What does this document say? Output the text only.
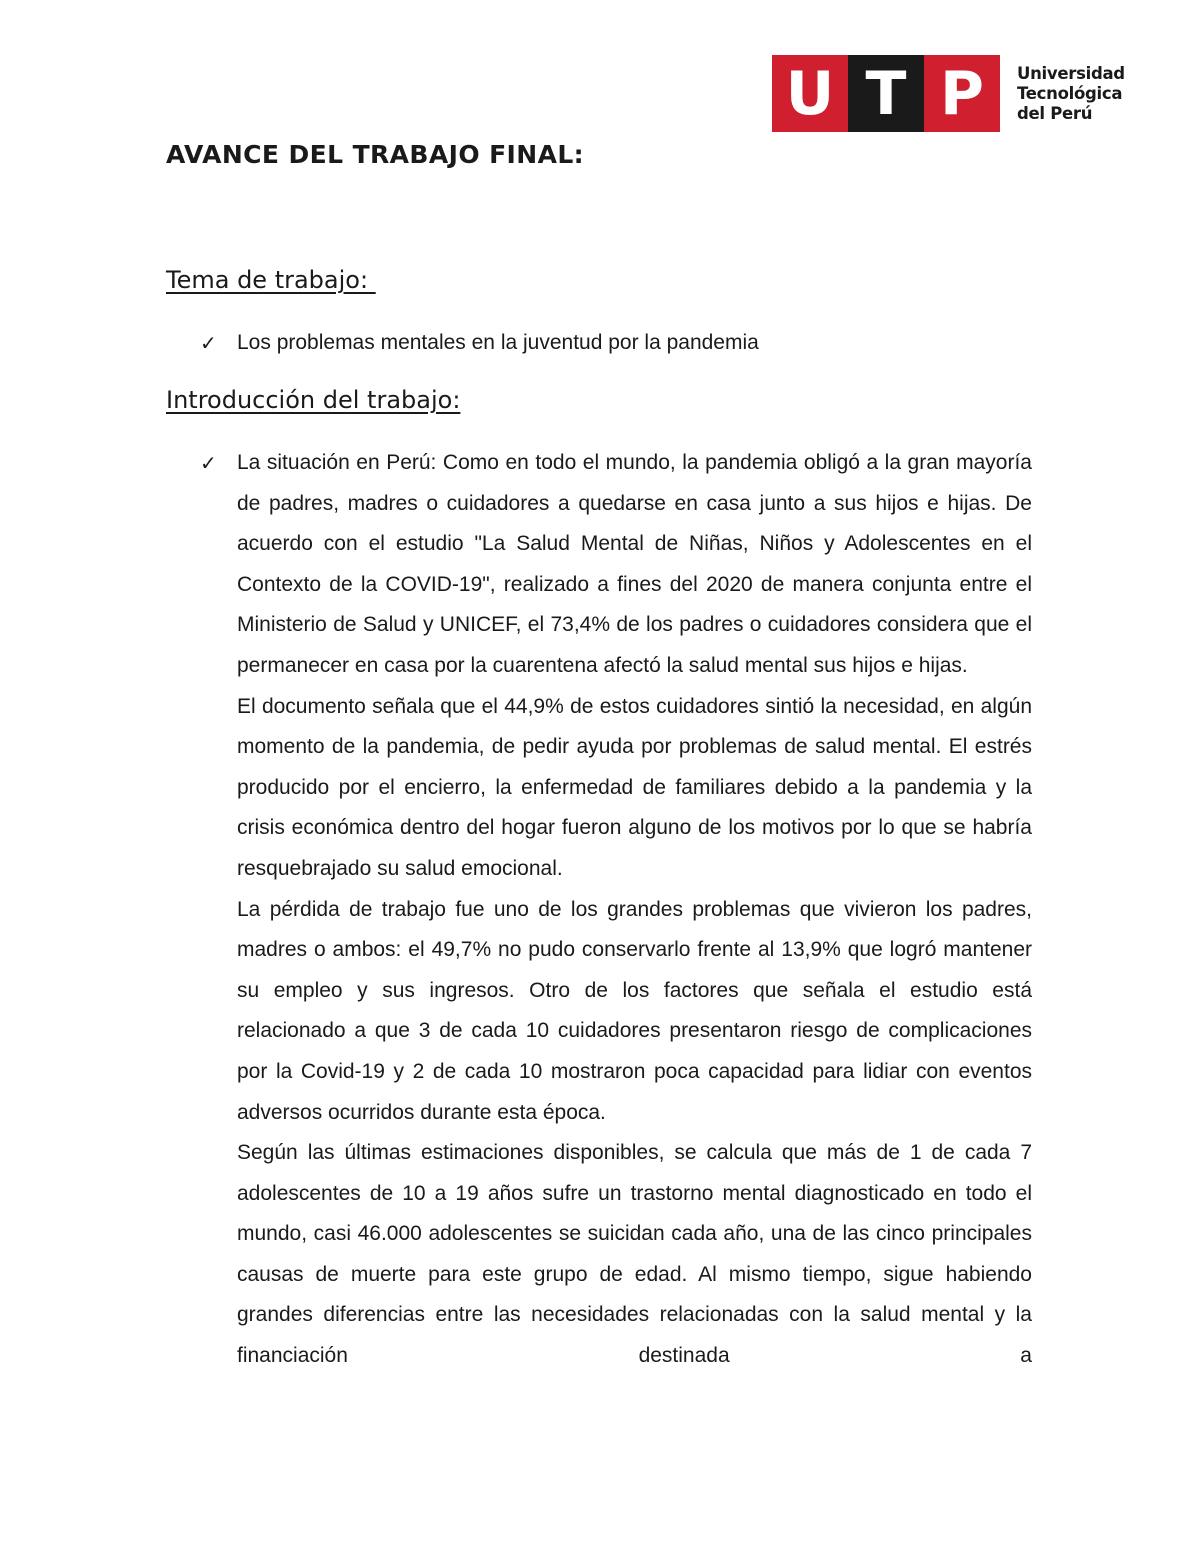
U T P	Universidad
Tecnológica
del Perú
AVANCE DEL TRABAJO FINAL:
Tema de trabajo:
✓ Los problemas mentales en la juventud por la pandemia

Introducción del trabajo:
✓ La situación en Perú: Como en todo el mundo, la pandemia obligó a la gran mayoría de padres, madres o cuidadores a quedarse en casa junto a sus hijos e hijas. De acuerdo con el estudio "La Salud Mental de Niñas, Niños y Adolescentes en el Contexto de la COVID-19", realizado a fines del 2020 de manera conjunta entre el Ministerio de Salud y UNICEF, el 73,4% de los padres o cuidadores considera que el permanecer en casa por la cuarentena afectó la salud mental sus hijos e hijas.

El documento señala que el 44,9% de estos cuidadores sintió la necesidad, en algún momento de la pandemia, de pedir ayuda por problemas de salud mental. El estrés producido por el encierro, la enfermedad de familiares debido a la pandemia y la crisis económica dentro del hogar fueron alguno de los motivos por lo que se habría resquebrajado su salud emocional.

La pérdida de trabajo fue uno de los grandes problemas que vivieron los padres, madres o ambos: el 49,7% no pudo conservarlo frente al 13,9% que logró mantener su empleo y sus ingresos. Otro de los factores que señala el estudio está relacionado a que 3 de cada 10 cuidadores presentaron riesgo de complicaciones por la Covid-19 y 2 de cada 10 mostraron poca capacidad para lidiar con eventos adversos ocurridos durante esta época.

Según las últimas estimaciones disponibles, se calcula que más de 1 de cada 7 adolescentes de 10 a 19 años sufre un trastorno mental diagnosticado en todo el mundo, casi 46.000 adolescentes se suicidan cada año, una de las cinco principales causas de muerte para este grupo de edad. Al mismo tiempo, sigue habiendo grandes diferencias entre las necesidades relacionadas con la salud mental y la financiación destinada a
